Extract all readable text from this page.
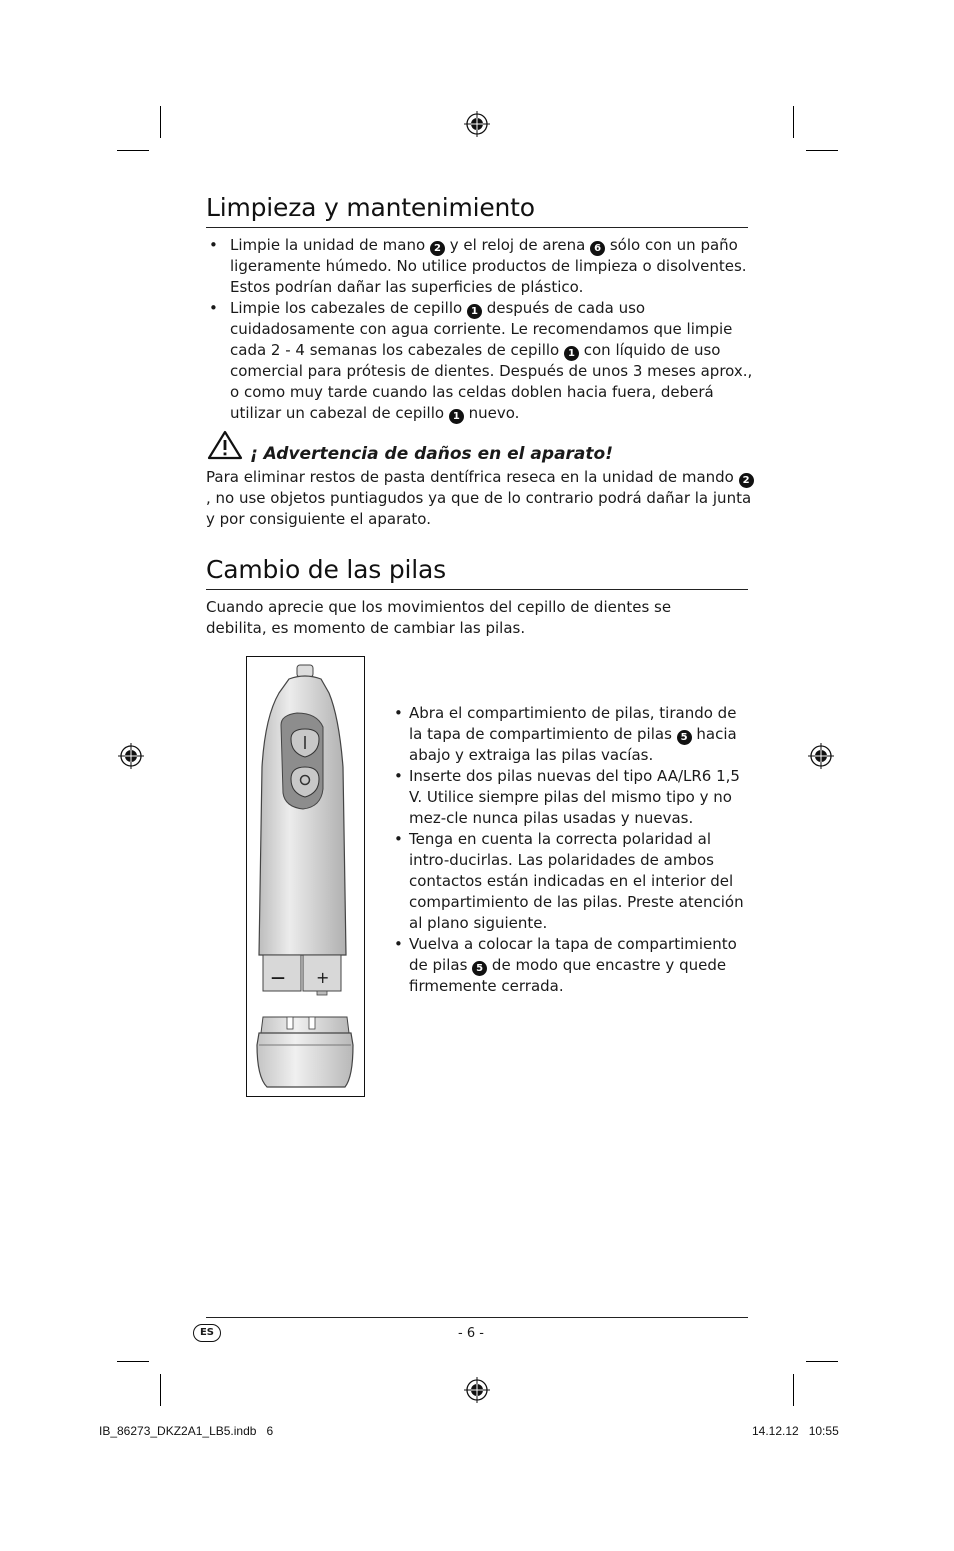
Limpieza y mantenimiento
• Limpie la unidad de mano 2 y el reloj de arena 6 sólo con un paño ligeramente húmedo. No utilice productos de limpieza o disolventes. Estos podrían dañar las superficies de plástico.
• Limpie los cabezales de cepillo 1 después de cada uso cuidadosamente con agua corriente. Le recomendamos que limpie cada 2 - 4 semanas los cabezales de cepillo 1 con líquido de uso comercial para prótesis de dientes. Después de unos 3 meses aprox., o como muy tarde cuando las celdas doblen hacia fuera, deberá utilizar un cabezal de cepillo 1 nuevo.
¡ Advertencia de daños en el aparato!
Para eliminar restos de pasta dentífrica reseca en la unidad de mando 2, no use objetos puntiagudos ya que de lo contrario podrá dañar la junta y por consiguiente el aparato.
Cambio de las pilas
Cuando aprecie que los movimientos del cepillo de dientes se debilita, es momento de cambiar las pilas.
— +
• Abra el compartimiento de pilas, tirando de la tapa de compartimiento de pilas 5 hacia abajo y extraiga las pilas vacías.
• Inserte dos pilas nuevas del tipo AA/LR6 1,5 V. Utilice siempre pilas del mismo tipo y no mez-cle nunca pilas usadas y nuevas.
• Tenga en cuenta la correcta polaridad al intro-ducirlas. Las polaridades de ambos contactos están indicadas en el interior del compartimiento de las pilas. Preste atención al plano siguiente.
• Vuelva a colocar la tapa de compartimiento de pilas 5 de modo que encastre y quede firmemente cerrada.
ES	- 6 -
IB_86273_DKZ2A1_LB5.indb   6	14.12.12   10:55
